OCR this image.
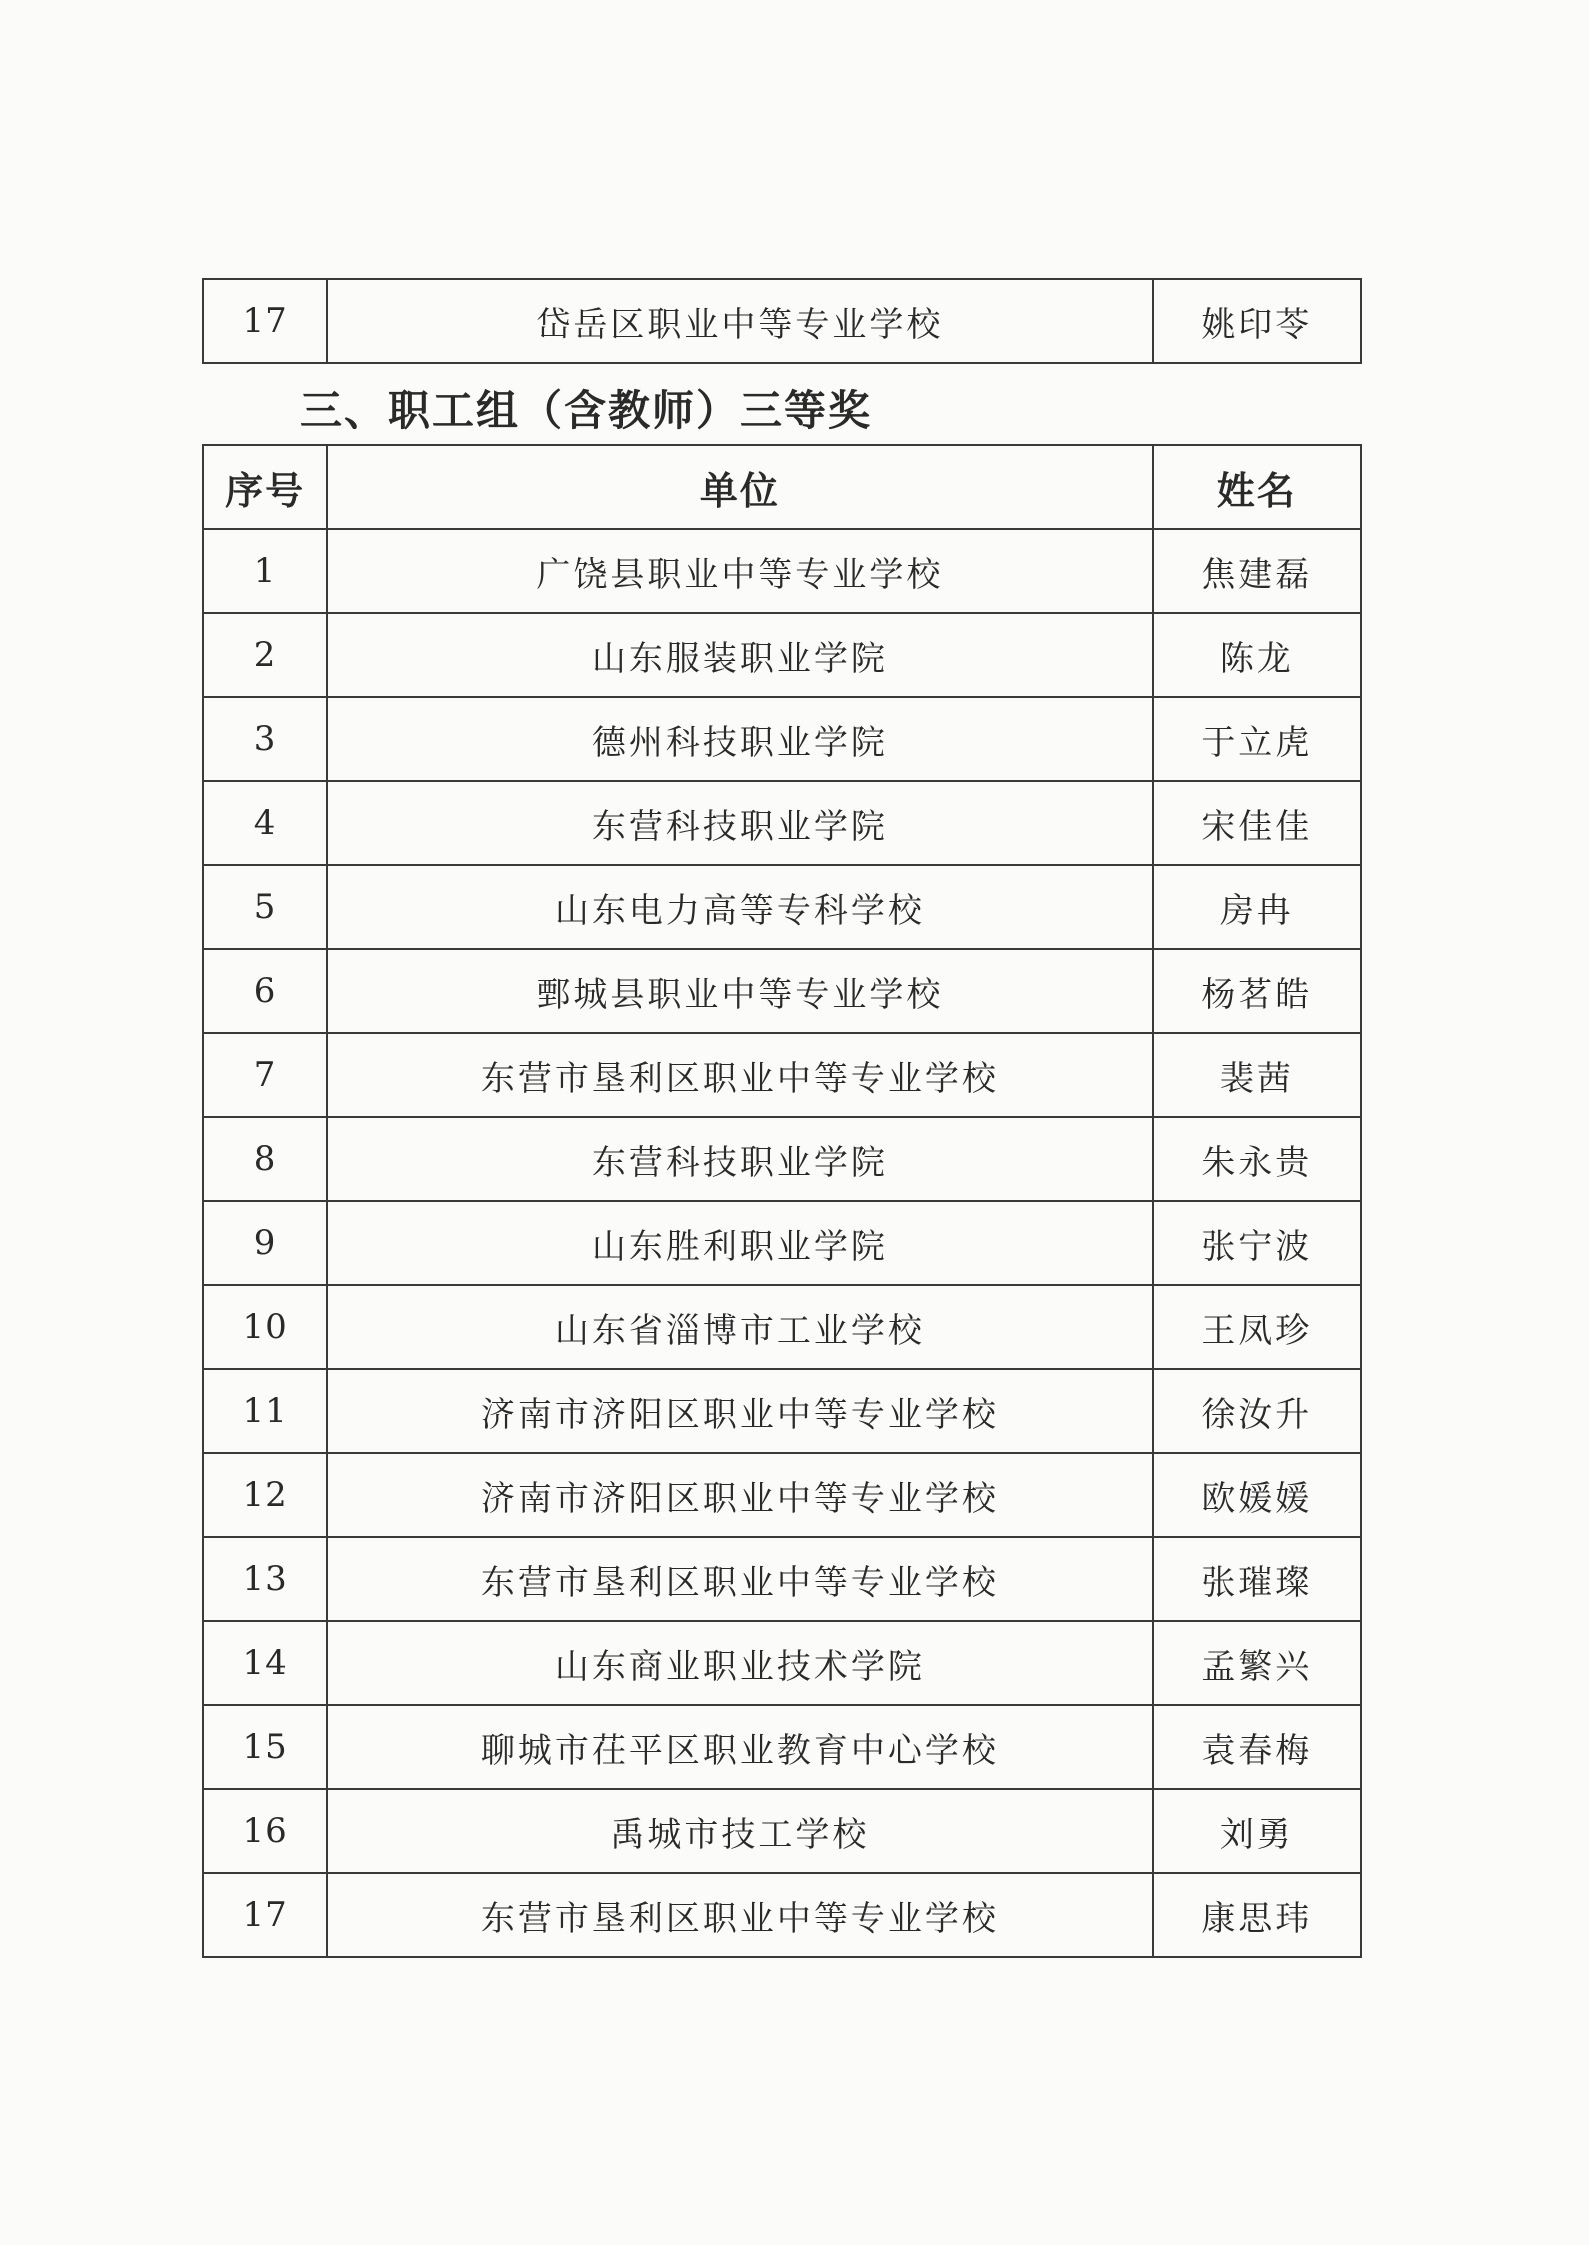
17	岱岳区职业中等专业学校	姚印苓
三、职工组（含教师）三等奖
序号	单位	姓名
1	广饶县职业中等专业学校	焦建磊
2	山东服装职业学院	陈龙
3	德州科技职业学院	于立虎
4	东营科技职业学院	宋佳佳
5	山东电力高等专科学校	房冉
6	鄄城县职业中等专业学校	杨茗皓
7	东营市垦利区职业中等专业学校	裴茜
8	东营科技职业学院	朱永贵
9	山东胜利职业学院	张宁波
10	山东省淄博市工业学校	王凤珍
11	济南市济阳区职业中等专业学校	徐汝升
12	济南市济阳区职业中等专业学校	欧媛媛
13	东营市垦利区职业中等专业学校	张璀璨
14	山东商业职业技术学院	孟繁兴
15	聊城市茌平区职业教育中心学校	袁春梅
16	禹城市技工学校	刘勇
17	东营市垦利区职业中等专业学校	康思玮
